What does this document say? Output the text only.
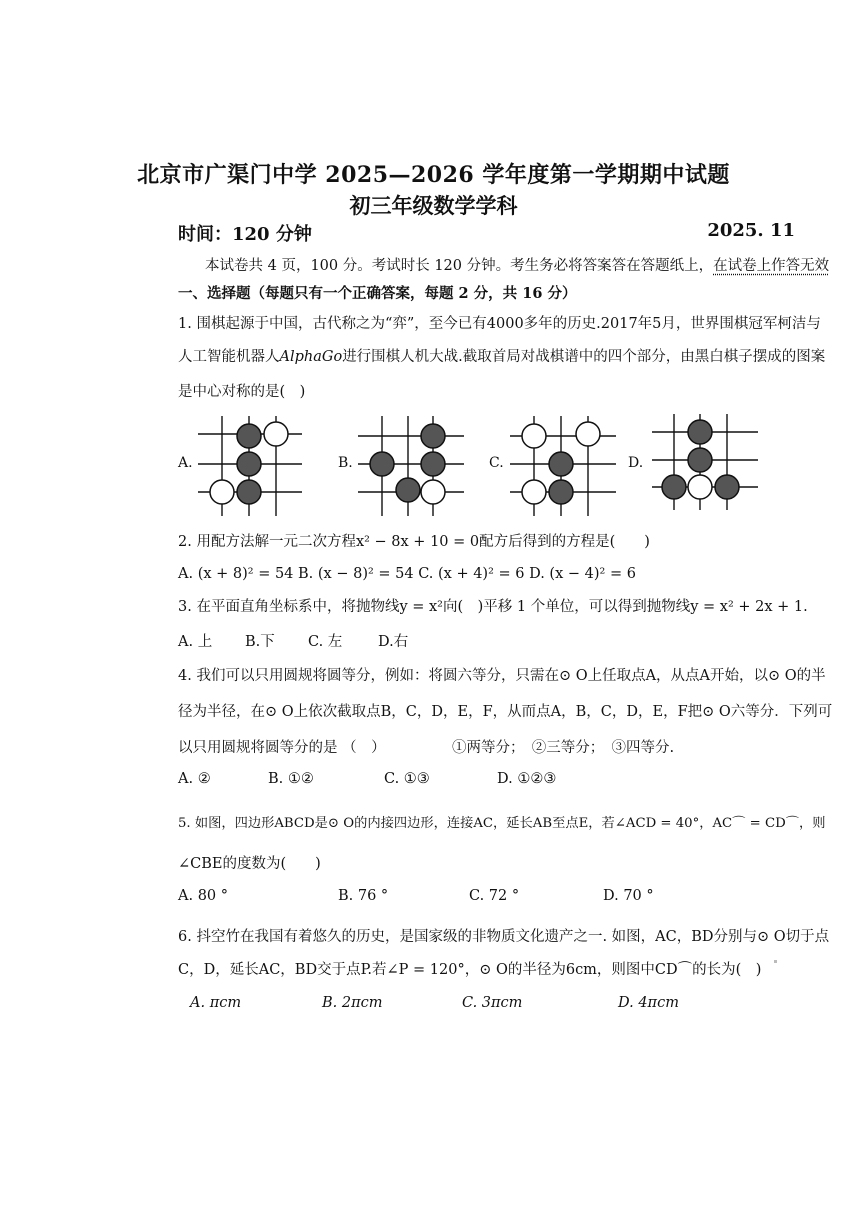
北京市广渠门中学 2025—2026 学年度第一学期期中试题
初三年级数学学科
时间：120 分钟	2025. 11
本试卷共 4 页，100 分。考试时长 120 分钟。考生务必将答案答在答题纸上，在试卷上作答无效
一、选择题（每题只有一个正确答案，每题 2 分，共 16 分）
1. 围棋起源于中国，古代称之为“弈”，至今已有4000多年的历史.2017年5月，世界围棋冠军柯洁与
人工智能机器人AlphaGo进行围棋人机大战.截取首局对战棋谱中的四个部分，由黑白棋子摆成的图案
是中心对称的是(　)
A.	B.	C.	D.
2. 用配方法解一元二次方程x² − 8x + 10 = 0配方后得到的方程是(　　)
A. (x + 8)² = 54 B. (x − 8)² = 54 C. (x + 4)² = 6 D. (x − 4)² = 6
3. 在平面直角坐标系中，将抛物线y = x²向(　)平移 1 个单位，可以得到抛物线y = x² + 2x + 1.
A. 上 B.下 C. 左 D.右
4. 我们可以只用圆规将圆等分，例如：将圆六等分，只需在⊙ O上任取点A，从点A开始，以⊙ O的半
径为半径，在⊙ O上依次截取点B，C，D，E，F，从而点A，B，C，D，E，F把⊙ O六等分．下列可
以只用圆规将圆等分的是 （　）	①两等分；　②三等分；　③四等分.
A. ②	B. ①②	C. ①③	D. ①②③
5. 如图，四边形ABCD是⊙ O的内接四边形，连接AC，延长AB至点E，若∠ACD = 40°，AC⌒ = CD⌒，则
∠CBE的度数为(　　)
A. 80 °	B. 76 °	C. 72 °	D. 70 °
6. 抖空竹在我国有着悠久的历史，是国家级的非物质文化遗产之一. 如图，AC，BD分别与⊙ O切于点
C，D，延长AC，BD交于点P.若∠P = 120°，⊙ O的半径为6cm，则图中CD⌒的长为(　)
A. πcm	B. 2πcm	C. 3πcm	D. 4πcm
